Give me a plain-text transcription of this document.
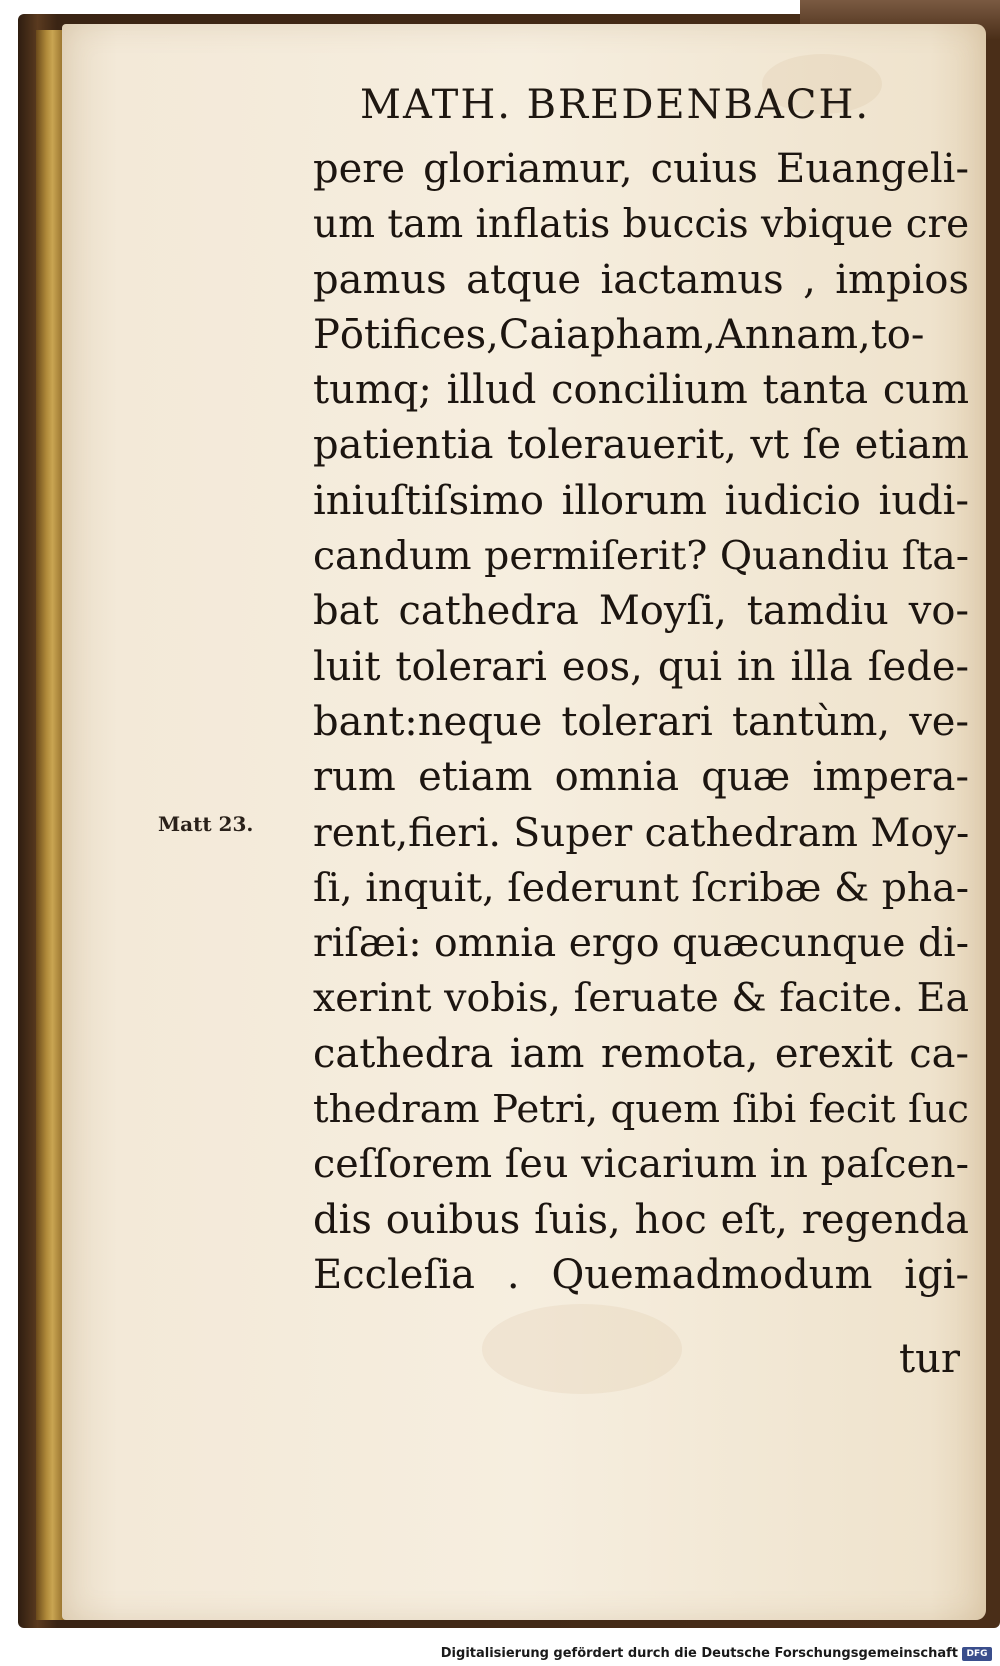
MATH. BREDENBACH.
Matt 23.
pere gloriamur, cuius Euangeli-
um tam inflatis buccis vbique cre
pamus atque iactamus , impios
Pōtifices,Caiapham,Annam,to-
tumq; illud concilium tanta cum
patientia tolerauerit, vt ſe etiam
iniuſtiſsimo illorum iudicio iudi-
candum permiſerit? Quandiu ſta-
bat cathedra Moyſi, tamdiu vo-
luit tolerari eos, qui in illa ſede-
bant:neque tolerari tantùm, ve-
rum etiam omnia quæ impera-
rent,fieri. Super cathedram Moy-
ſi, inquit, ſederunt ſcribæ & pha-
riſæi: omnia ergo quæcunque di-
xerint vobis, ſeruate & facite. Ea
cathedra iam remota, erexit ca-
thedram Petri, quem ſibi fecit ſuc
ceſſorem ſeu vicarium in paſcen-
dis ouibus ſuis, hoc eſt, regenda
Eccleſia . Quemadmodum igi-
tur
Digitalisierung gefördert durch die Deutsche Forschungsgemeinschaft DFG
